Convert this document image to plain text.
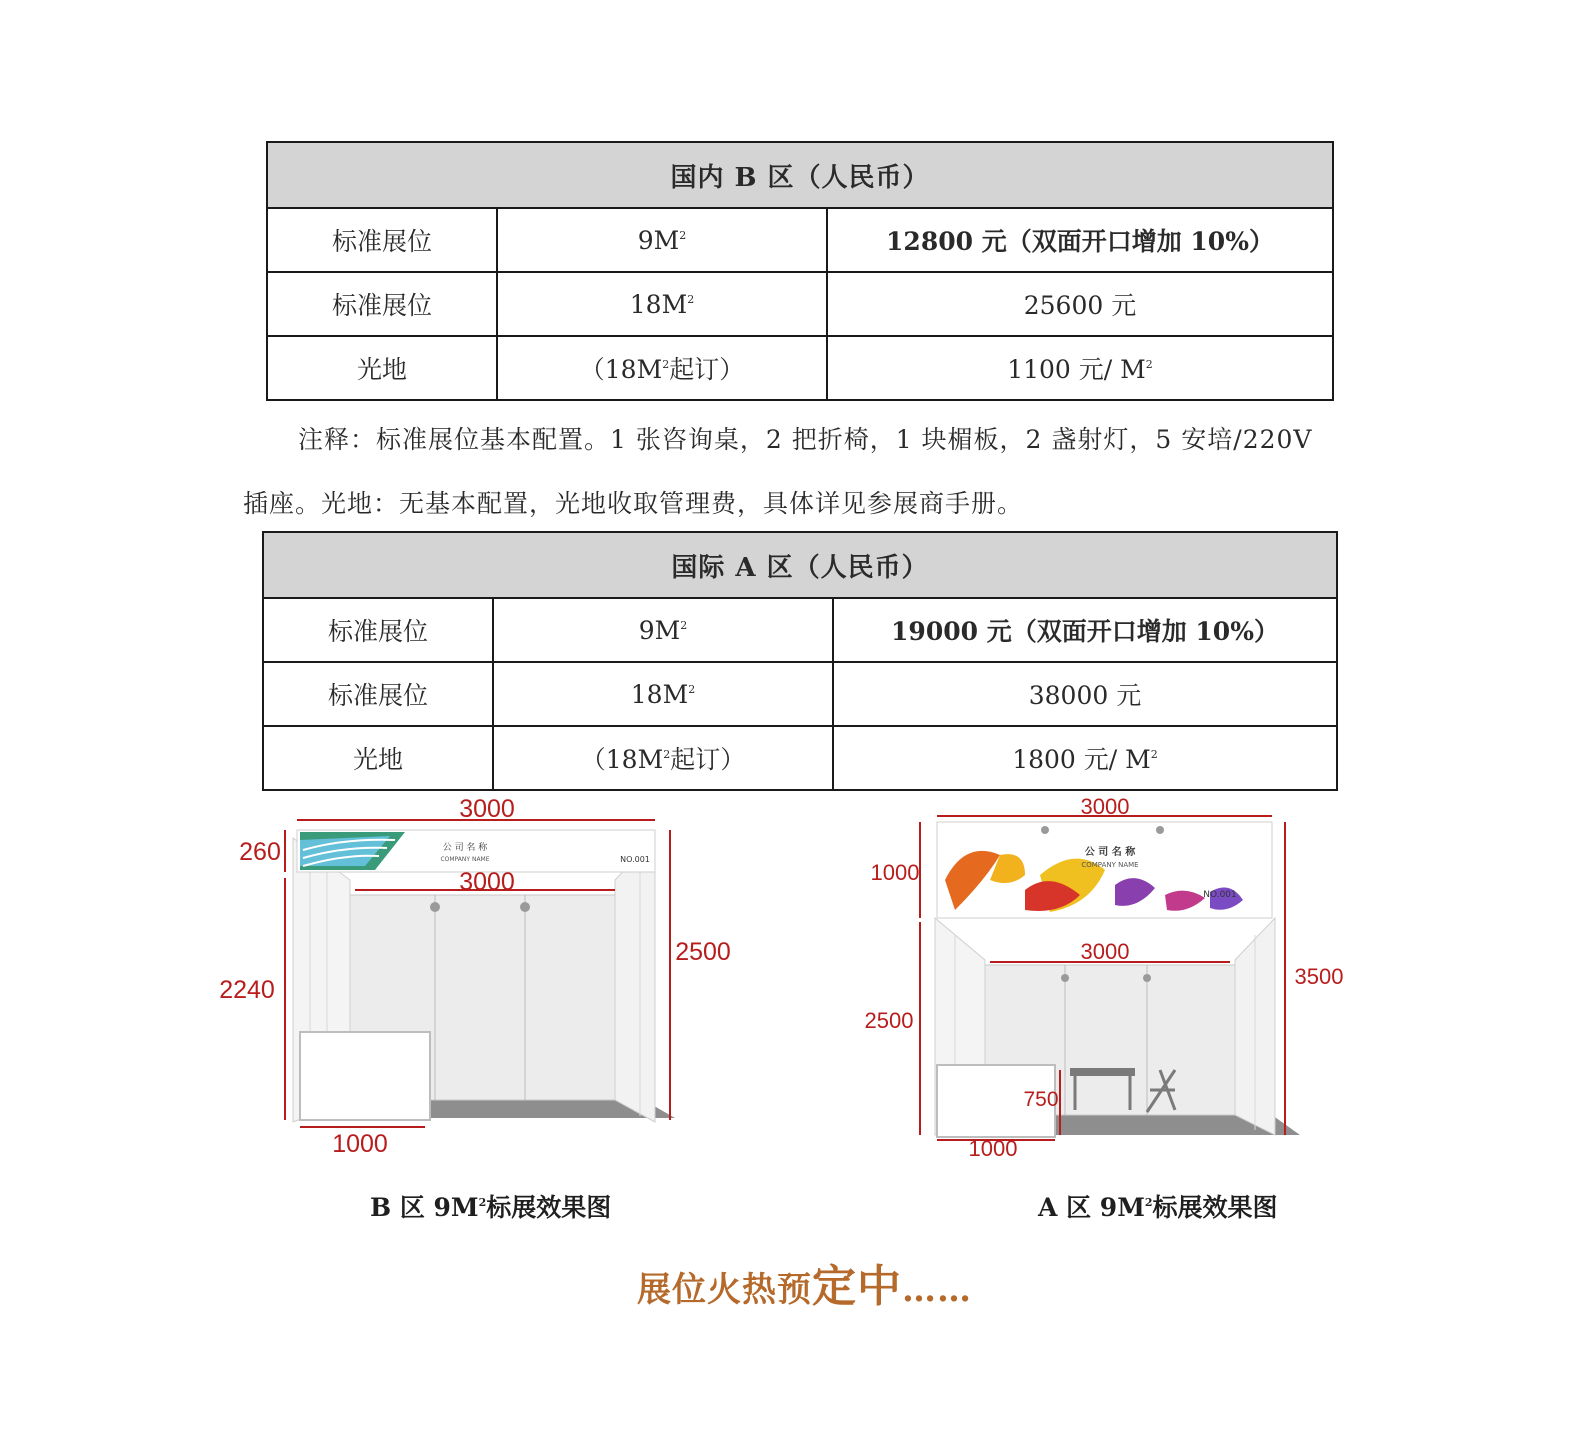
国内 B 区（人民币）		
标准展位	$9M^2$	12800 元（双面开口增加 10%）
标准展位	$18M^2$	25600 元
光地	（$18M^2$起订）	1100 元/ $M^2$
注释：标准展位基本配置。1 张咨询桌，2 把折椅，1 块楣板，2 盏射灯，5 安培/220V
插座。光地：无基本配置，光地收取管理费，具体详见参展商手册。
国际 A 区（人民币）		
标准展位	$9M^2$	19000 元（双面开口增加 10%）
标准展位	$18M^2$	38000 元
光地	（$18M^2$起订）	1800 元/ $M^2$
公 司 名 称
COMPANY NAME	NO.001
3000
3000
260
2240
2500
1000
公 司 名 称
COMPANY NAME
NO.001
3000
3000
1000
2500
3500
750
1000
B 区 $9M^2$标展效果图	A 区 $9M^2$标展效果图
展位火热预定中……
